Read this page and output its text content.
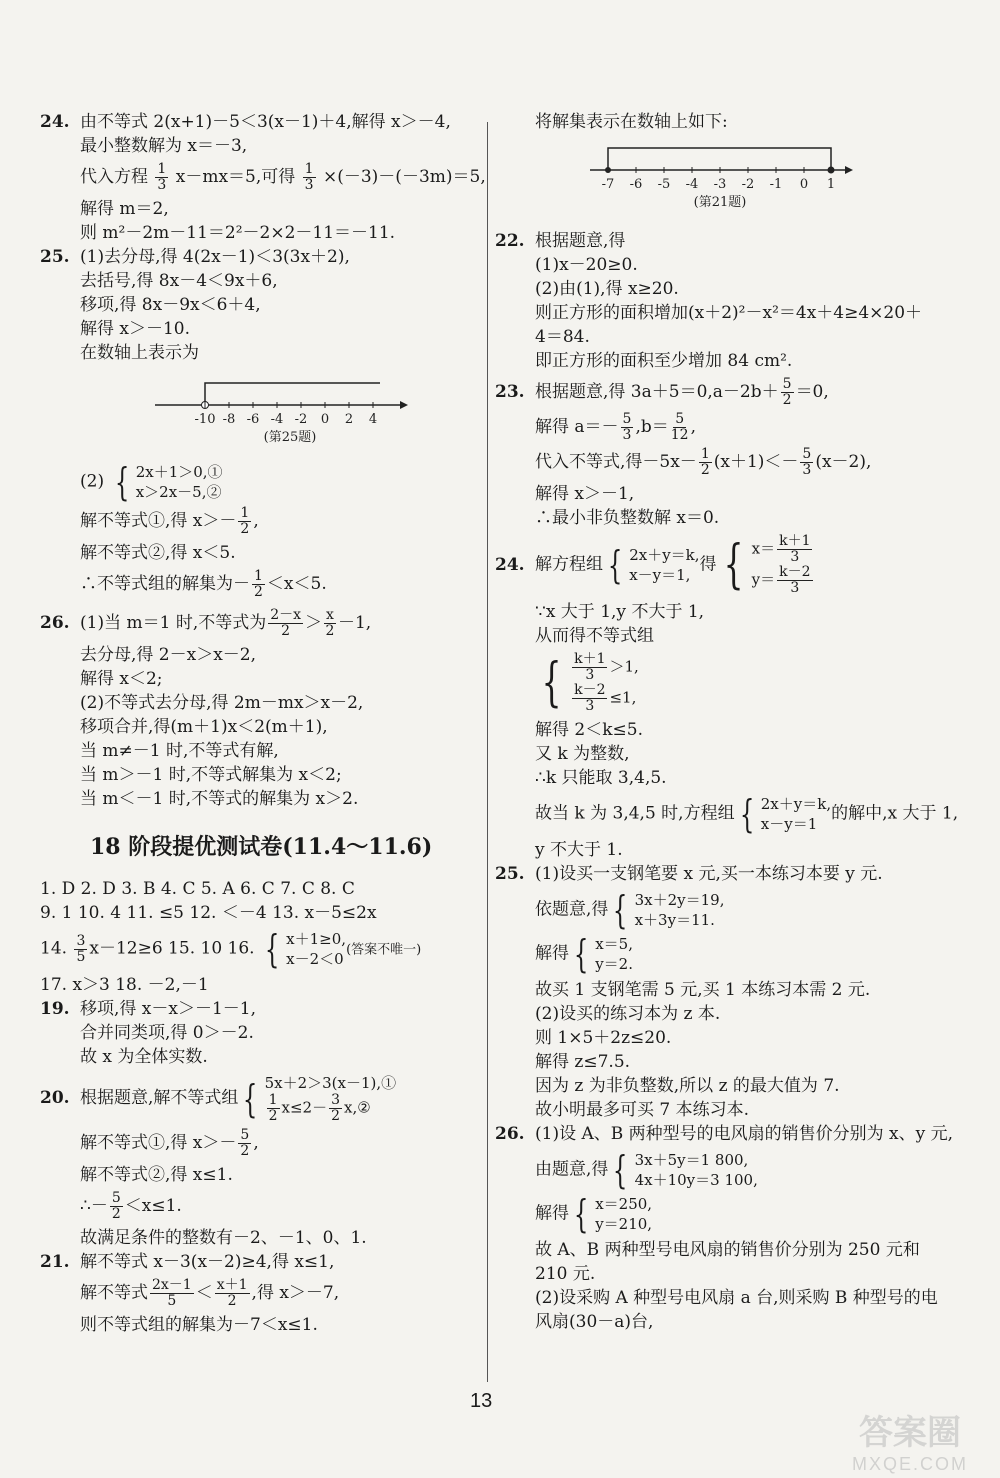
24. 由不等式 2(x+1)－5＜3(x－1)＋4,解得 x＞－4,
最小整数解为 x＝－3,
代入方程 $\frac{1}{3} x-mx=5$,可得 $\frac{1}{3} \times(-3)-(-3m)=5$,
解得 m＝2,
则 m²－2m－11＝2²－2×2－11＝－11.
25. (1)去分母,得 4(2x－1)＜3(3x＋2),
去括号,得 8x－4＜9x＋6,
移项,得 8x－9x＜6＋4,
解得 x＞－10.
在数轴上表示为
-10 -8 -6 -4 -2 0 2 4
(第25题)
(2) { 2x＋1＞0,①
x＞2x－5,②
解不等式①,得 $x>- \frac{1}{2}$ ,
解不等式②,得 x＜5.
∴不等式组的解集为－ $\frac{1}{2} <x<5$.
26. (1)当 m＝1 时,不等式为 $\frac{2-x}{2} > \frac{x}{2} -1$,
去分母,得 2－x＞x－2,
解得 x＜2;
(2)不等式去分母,得 2m－mx＞x－2,
移项合并,得(m＋1)x＜2(m＋1),
当 m≠－1 时,不等式有解,
当 m＞－1 时,不等式解集为 x＜2;
当 m＜－1 时,不等式的解集为 x＞2.
18 阶段提优测试卷(11.4～11.6)
1. D 2. D 3. B 4. C 5. A 6. C 7. C 8. C
9. 1 10. 4 11. ≤5 12. ＜－4 13. x－5≤2x
14. $\frac{3}{5} x-12\ge 6$ 15. 10 16. { x＋1≥0,
x－2＜0 (答案不唯一)
17. x＞3 18. －2,－1
19. 移项,得 x－x＞－1－1,
合并同类项,得 0＞－2.
故 x 为全体实数.
20. 根据题意,解不等式组 { 5x＋2＞3(x－1),①
$\frac{1}{2} x\le 2- \frac{3}{2}$ x,②
解不等式①,得 $x>- \frac{5}{2}$ ,
解不等式②,得 x≤1.
∴－ $\frac{5}{2} <x\le 1$.
故满足条件的整数有－2、－1、0、1.
21. 解不等式 x－3(x－2)≥4,得 x≤1,
解不等式 $\frac{2x-1}{5} < \frac{x+1}{2}$ ,得 x＞－7,
则不等式组的解集为－7＜x≤1.
将解集表示在数轴上如下:
-7 -6 -5 -4 -3 -2 -1 0 1
(第21题)
22. 根据题意,得
(1)x－20≥0.
(2)由(1),得 x≥20.
则正方形的面积增加(x＋2)²－x²＝4x＋4≥4×20＋
4＝84.
即正方形的面积至少增加 84 cm².
23. 根据题意,得 $3a+5=0,a-2b+ \frac{5}{2} =0$,
解得 $a=- \frac{5}{3} ,b= \frac{5}{12}$ ,
代入不等式,得$-5x- \frac{1}{2} (x+1)<- \frac{5}{3} (x-2)$,
解得 x＞－1,
∴最小非负整数解 x＝0.
24. 解方程组 { 2x＋y＝k,
x－y＝1,
得 { $x= \frac{k+1}{3}$
$y= \frac{k-2}{3}$
∵x 大于 1,y 不大于 1,
从而得不等式组
{ $\frac{k+1}{3} >1$,
$\frac{k-2}{3} \le 1$,
解得 2＜k≤5.
又 k 为整数,
∴k 只能取 3,4,5.
故当 k 为 3,4,5 时,方程组 { 2x＋y＝k,
x－y＝1
的解中,x 大于 1,
y 不大于 1.
25. (1)设买一支钢笔要 x 元,买一本练习本要 y 元.
依题意,得 { 3x＋2y＝19,
x＋3y＝11.
解得 { x＝5,
y＝2.
故买 1 支钢笔需 5 元,买 1 本练习本需 2 元.
(2)设买的练习本为 z 本.
则 1×5＋2z≤20.
解得 z≤7.5.
因为 z 为非负整数,所以 z 的最大值为 7.
故小明最多可买 7 本练习本.
26. (1)设 A、B 两种型号的电风扇的销售价分别为 x、y 元,
由题意,得 { 3x＋5y＝1 800,
4x＋10y＝3 100,
解得 { x＝250,
y＝210,
故 A、B 两种型号电风扇的销售价分别为 250 元和
210 元.
(2)设采购 A 种型号电风扇 a 台,则采购 B 种型号的电
风扇(30－a)台,
13
答案圈
MXQE.COM
